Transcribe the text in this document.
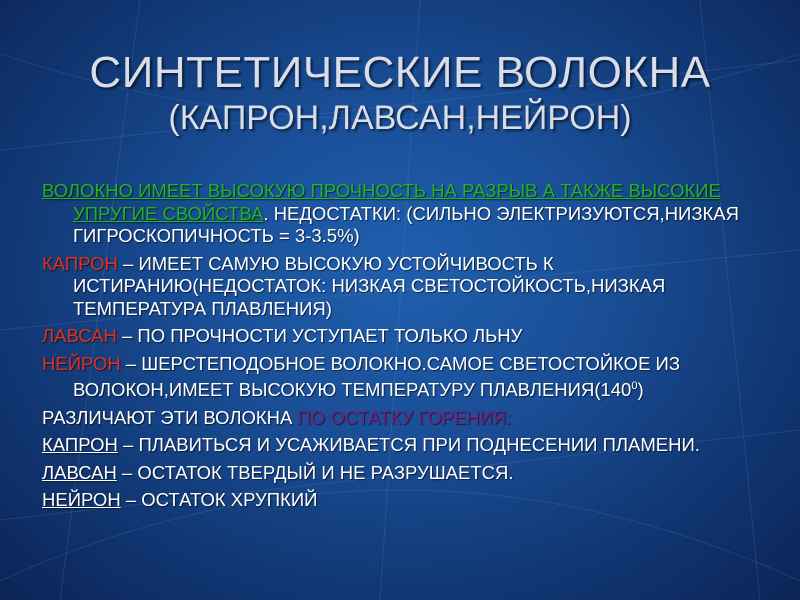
СИНТЕТИЧЕСКИЕ ВОЛОКНА
(КАПРОН,ЛАВСАН,НЕЙРОН)

ВОЛОКНО ИМЕЕТ ВЫСОКУЮ ПРОЧНОСТЬ НА РАЗРЫВ А ТАКЖЕ ВЫСОКИЕ УПРУГИЕ СВОЙСТВА. НЕДОСТАТКИ: (СИЛЬНО ЭЛЕКТРИЗУЮТСЯ,НИЗКАЯ ГИГРОСКОПИЧНОСТЬ = 3-3.5%)

КАПРОН – ИМЕЕТ САМУЮ ВЫСОКУЮ УСТОЙЧИВОСТЬ К ИСТИРАНИЮ(НЕДОСТАТОК: НИЗКАЯ СВЕТОСТОЙКОСТЬ,НИЗКАЯ ТЕМПЕРАТУРА ПЛАВЛЕНИЯ)

ЛАВСАН – ПО ПРОЧНОСТИ УСТУПАЕТ ТОЛЬКО ЛЬНУ

НЕЙРОН – ШЕРСТЕПОДОБНОЕ ВОЛОКНО.САМОЕ СВЕТОСТОЙКОЕ ИЗ ВОЛОКОН,ИМЕЕТ ВЫСОКУЮ ТЕМПЕРАТУРУ $ПЛАВЛЕНИЯ(140^0)$

РАЗЛИЧАЮТ ЭТИ ВОЛОКНА ПО ОСТАТКУ ГОРЕНИЯ:

КАПРОН – ПЛАВИТЬСЯ И УСАЖИВАЕТСЯ ПРИ ПОДНЕСЕНИИ ПЛАМЕНИ.

ЛАВСАН – ОСТАТОК ТВЕРДЫЙ И НЕ РАЗРУШАЕТСЯ.

НЕЙРОН – ОСТАТОК ХРУПКИЙ
